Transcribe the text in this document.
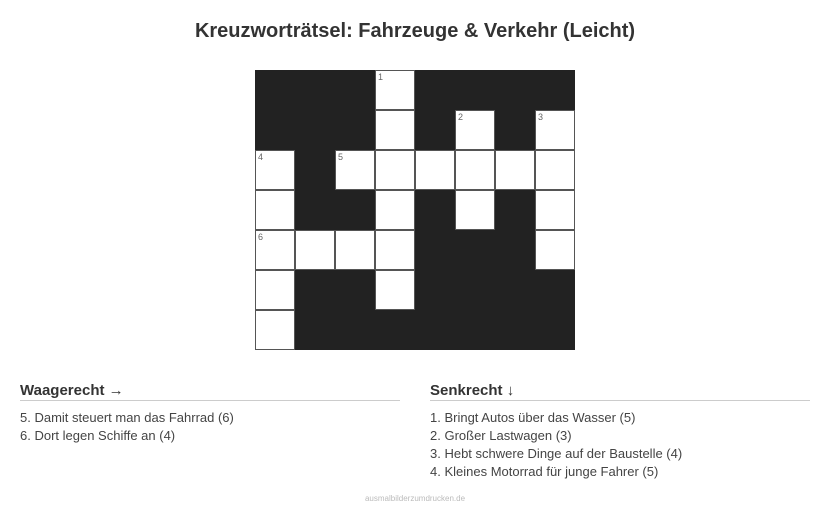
Kreuzworträtsel: Fahrzeuge & Verkehr (Leicht)
1
2	3
4	5
6
Waagerecht →
5. Damit steuert man das Fahrrad (6)
6. Dort legen Schiffe an (4)
Senkrecht ↓
1. Bringt Autos über das Wasser (5)
2. Großer Lastwagen (3)
3. Hebt schwere Dinge auf der Baustelle (4)
4. Kleines Motorrad für junge Fahrer (5)
ausmalbilderzumdrucken.de
